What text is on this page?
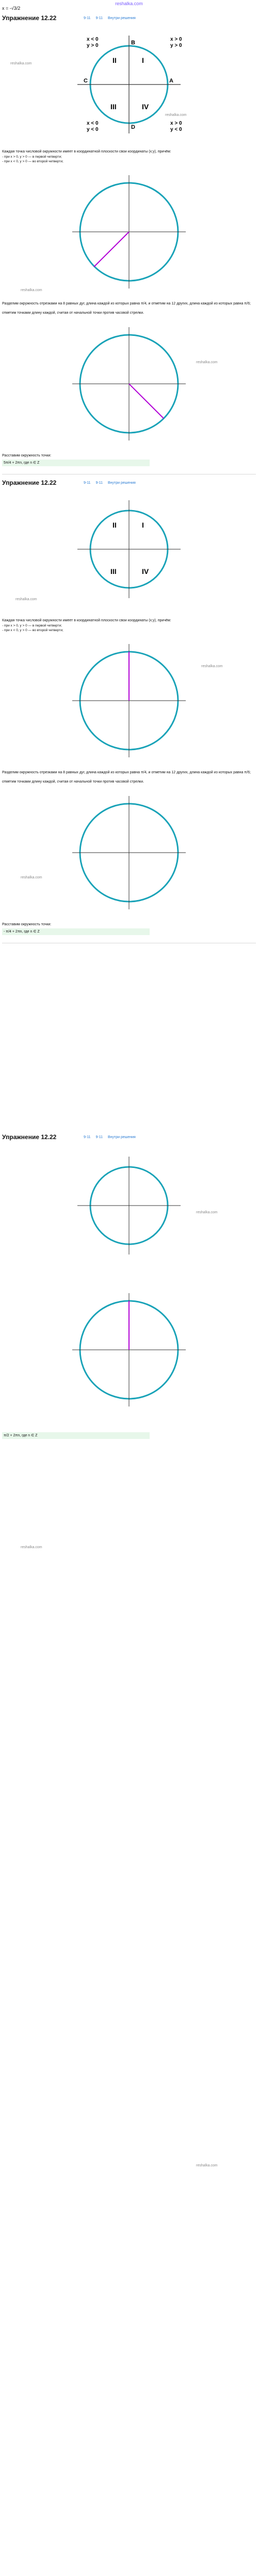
reshalka.com
x = -√3/2
Упражнение 12.22	9-11 9-11 Внутри решения
I
II
III	IV
x > 0
y > 0
x < 0
y > 0
x < 0
y < 0
x > 0
y < 0
A
B
C
D
Каждая точка числовой окружности имеет в координатной плоскости свои координаты (x;y), причём:
- при x > 0, y > 0 — в первой четверти;
- при x < 0, y > 0 — во второй четверти;
Разделим окружность отрезками на 8 равных дуг, длина каждой из которых равна π/4, и отметим на 12 других, длина каждой из которых равна π/6;
отметим точками длину каждой, считая от начальной точки против часовой стрелки.
Расставим окружность точки:
5π/4 + 2πn, где n ∈ Z
Упражнение 12.22	9-11 9-11 Внутри решения
I
II
III	IV
Каждая точка числовой окружности имеет в координатной плоскости свои координаты (x;y), причём:
- при x > 0, y > 0 — в первой четверти;
- при x < 0, y > 0 — во второй четверти;
Разделим окружность отрезками на 8 равных дуг, длина каждой из которых равна π/4, и отметим на 12 других, длина каждой из которых равна π/6;
отметим точками длину каждой, считая от начальной точки против часовой стрелки.
Расставим окружность точки:
- π/4 + 2πn, где n ∈ Z
Упражнение 12.22	9-11 9-11 Внутри решения
π/2 + 2πn, где n ∈ Z
reshalka.com
reshalka.com
reshalka.com
reshalka.com
reshalka.com
reshalka.com
reshalka.com
reshalka.com
reshalka.com
reshalka.com
